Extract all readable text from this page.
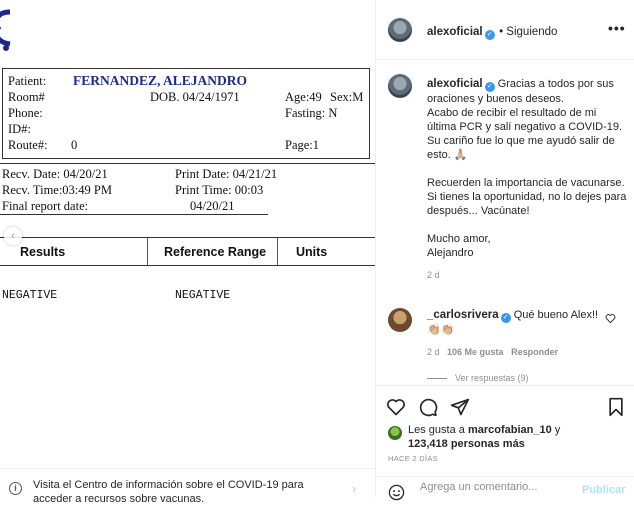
Patient: FERNANDEZ, ALEJANDRO
Room#	DOB. 04/24/1971	Age:49 Sex:M
Phone:	Fasting: N
ID#:
Route#: 0	Page:1
Recv. Date: 04/20/21	Print Date: 04/21/21
Recv. Time:03:49 PM	Print Time: 00:03
Final report date:	04/20/21
Results	Reference Range	Units
NEGATIVE	NEGATIVE
‹
i	Visita el Centro de información sobre el COVID-19 para acceder a recursos sobre vacunas.
›
alexoficial ✓ • Siguiendo	•••

alexoficial ✓ Gracias a todos por sus oraciones y buenos deseos.

Acabo de recibir el resultado de mi última PCR y salí negativo a COVID-19.

Su cariño fue lo que me ayudó salir de esto. 🙏🏼

Recuerden la importancia de vacunarse.

Si tienes la oportunidad, no lo dejes para después... Vacúnate!

Mucho amor,

Alejandro

2 d

_carlosrivera ✓ Qué bueno Alex!! 👏🏼👏🏼
2 d 106 Me gusta Responder
Ver respuestas (9)
Les gusta a marcofabian_10 y
123,418 personas más
HACE 2 DÍAS
Agrega un comentario...
Publicar
